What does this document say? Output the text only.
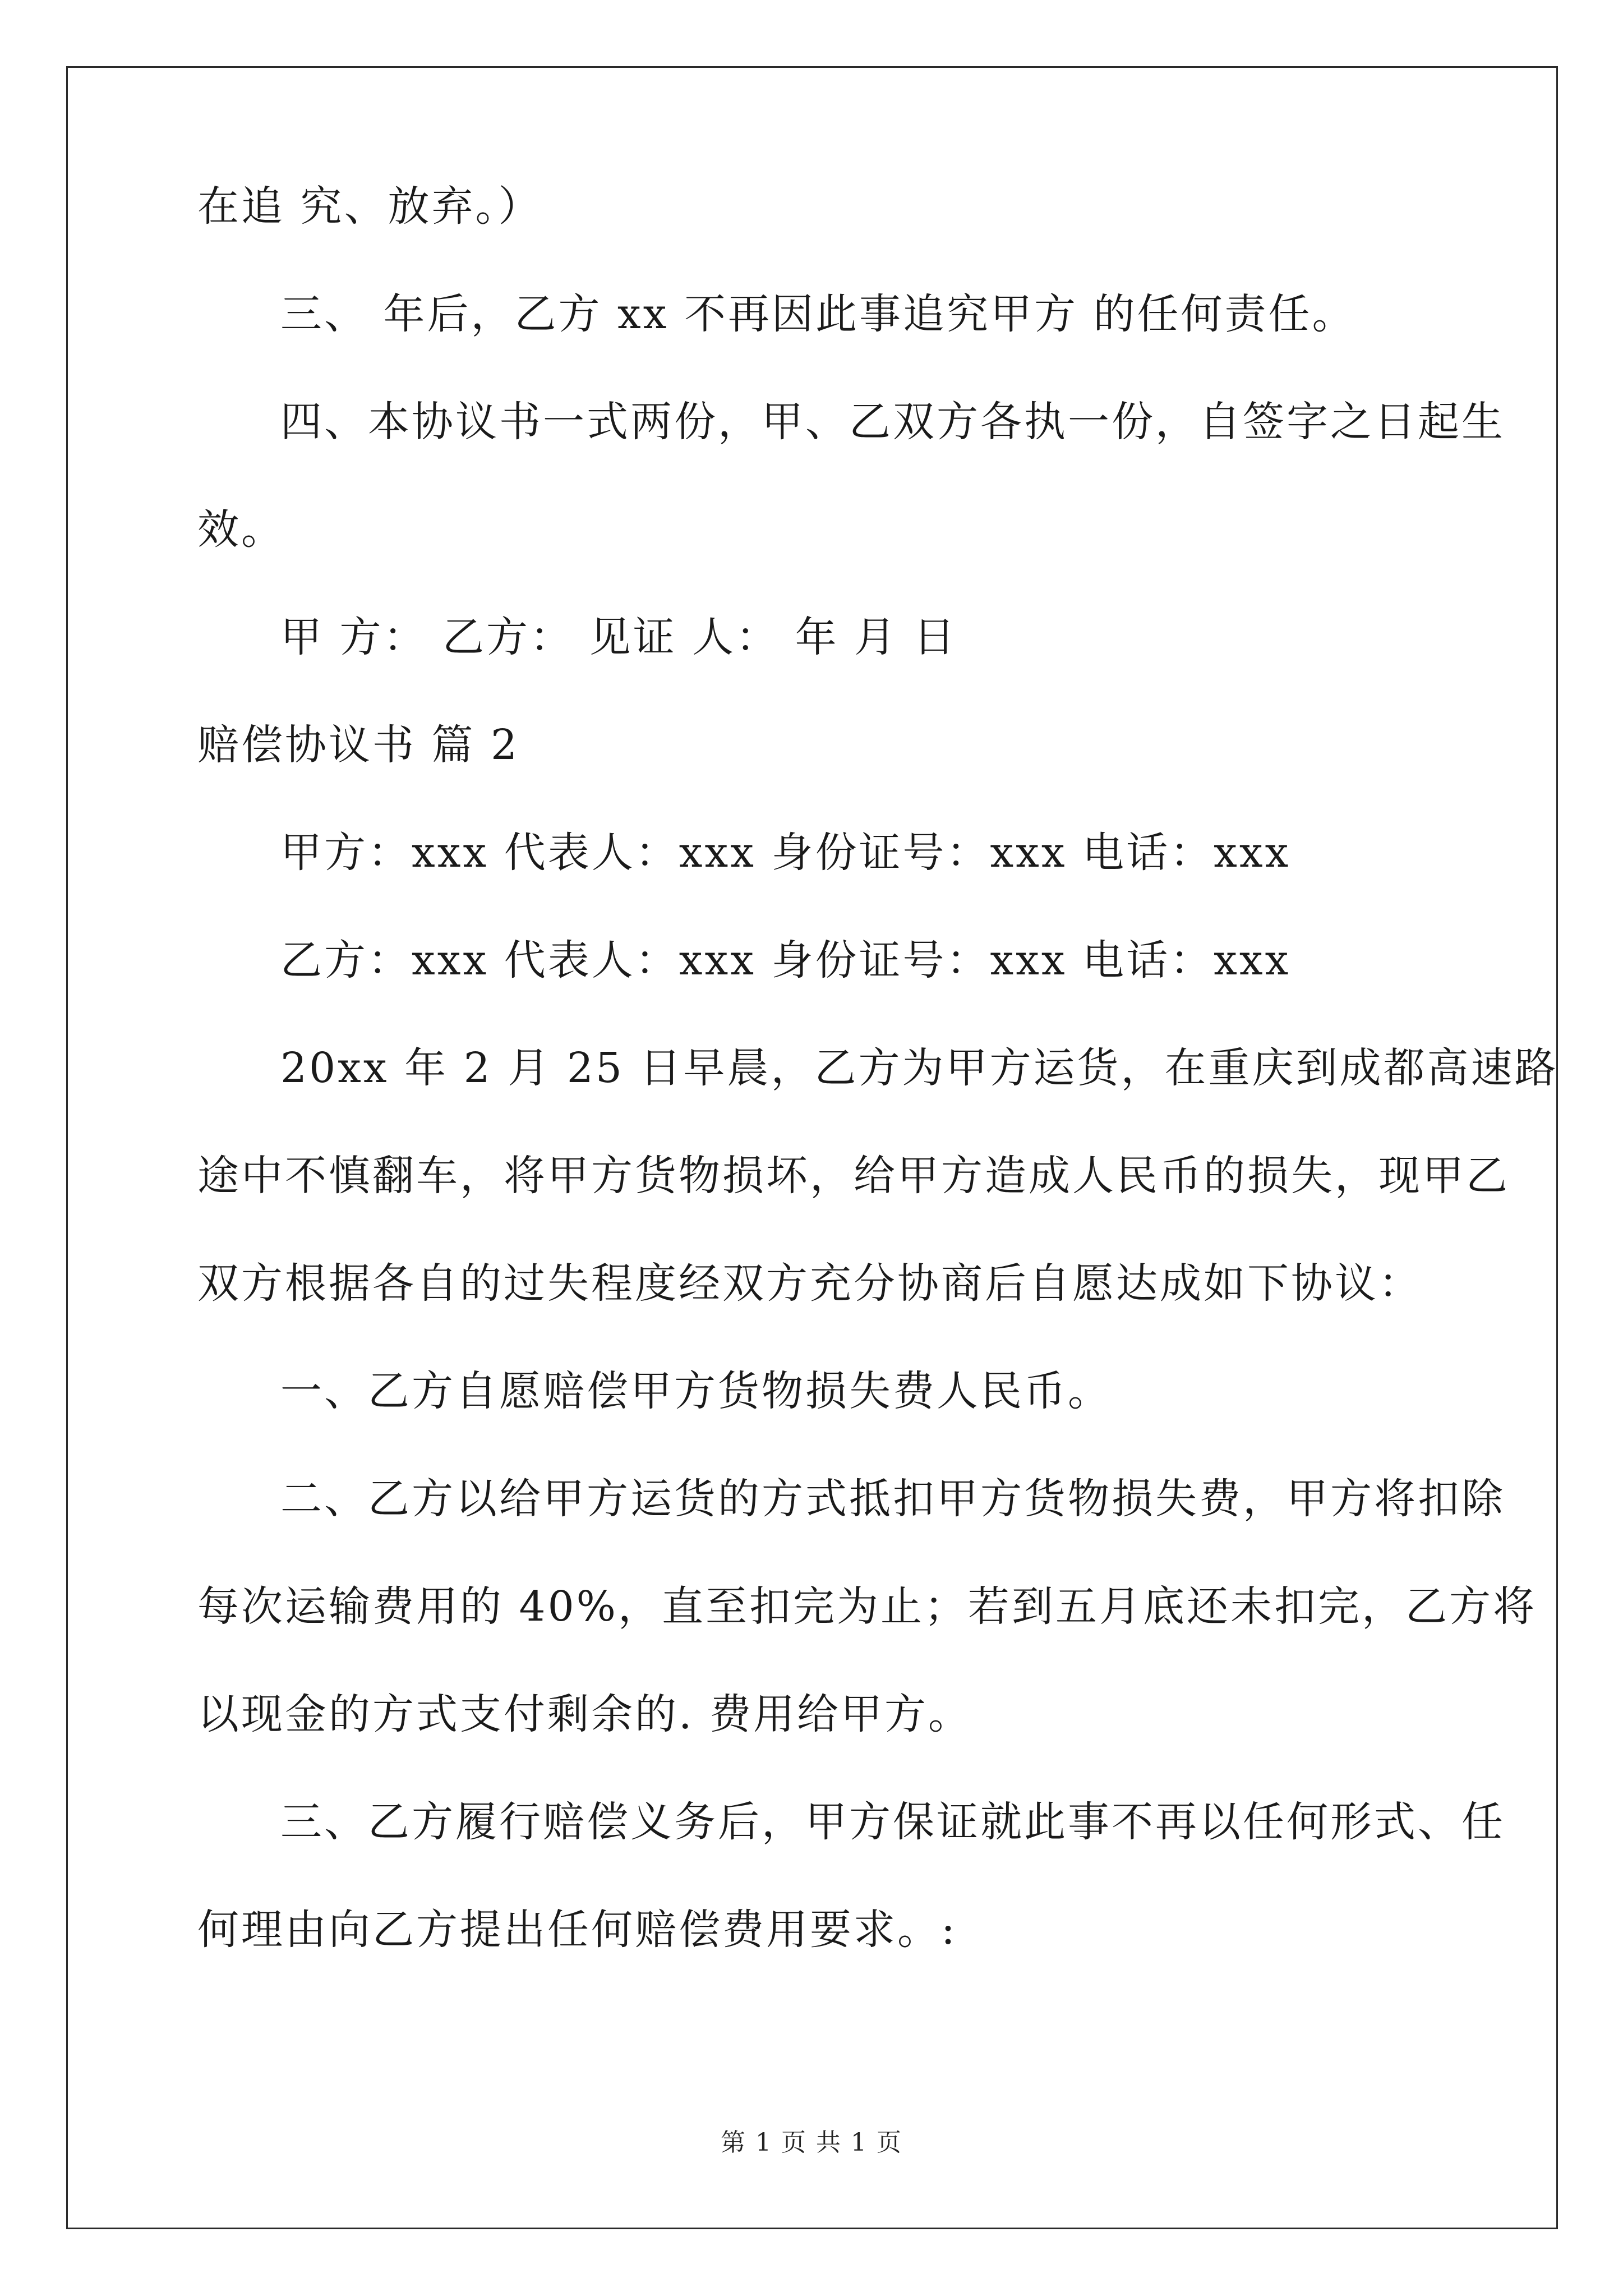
在追 究、放弃。）
三、 年后，乙方 xx 不再因此事追究甲方 的任何责任。
四、本协议书一式两份，甲、乙双方各执一份，自签字之日起生
效。
甲 方： 乙方： 见证 人： 年 月 日
赔偿协议书 篇 2
甲方：xxx 代表人：xxx 身份证号：xxx 电话：xxx
乙方：xxx 代表人：xxx 身份证号：xxx 电话：xxx
20xx 年 2 月 25 日早晨，乙方为甲方运货，在重庆到成都高速路
途中不慎翻车，将甲方货物损坏，给甲方造成人民币的损失，现甲乙
双方根据各自的过失程度经双方充分协商后自愿达成如下协议：
一、乙方自愿赔偿甲方货物损失费人民币。
二、乙方以给甲方运货的方式抵扣甲方货物损失费，甲方将扣除
每次运输费用的 40%，直至扣完为止；若到五月底还未扣完，乙方将
以现金的方式支付剩余的. 费用给甲方。
三、乙方履行赔偿义务后，甲方保证就此事不再以任何形式、任
何理由向乙方提出任何赔偿费用要求。:
第 1 页 共 1 页
